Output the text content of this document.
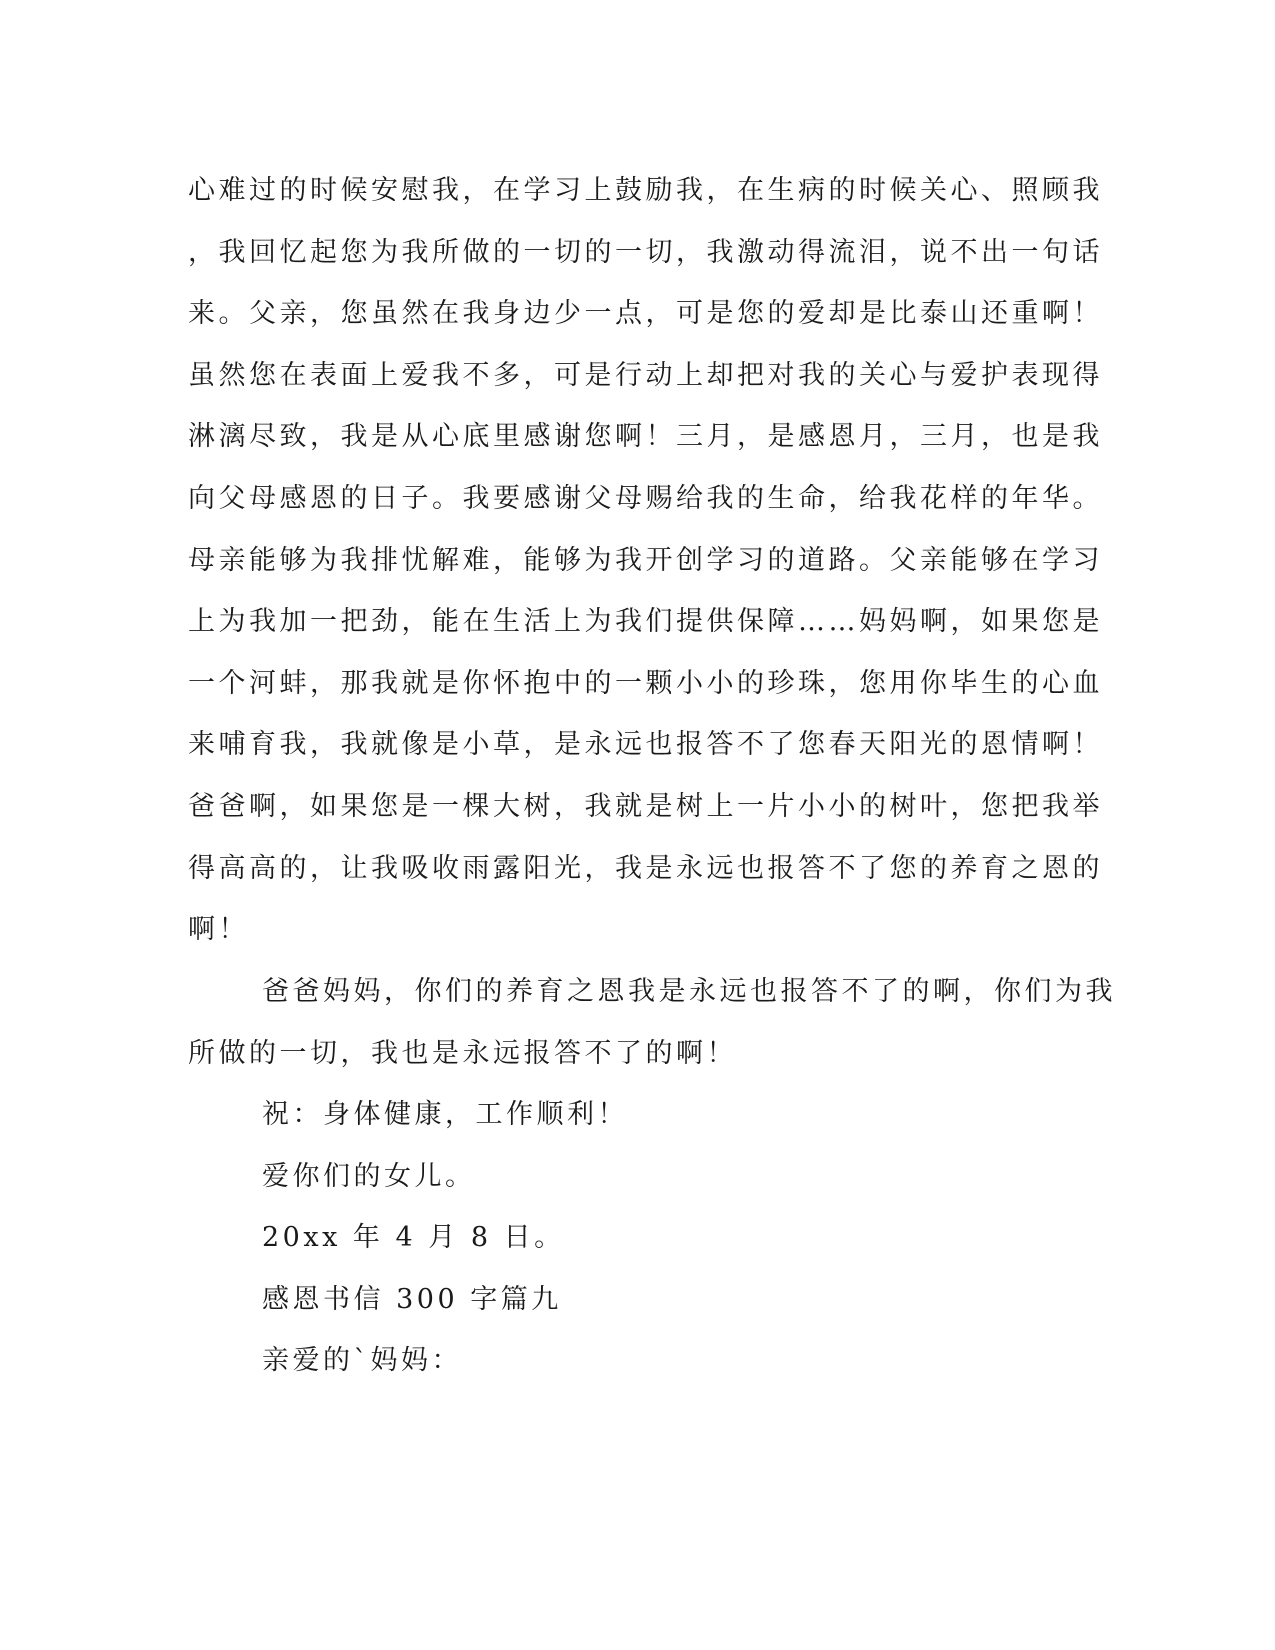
心难过的时候安慰我，在学习上鼓励我，在生病的时候关心、照顾我
，我回忆起您为我所做的一切的一切，我激动得流泪，说不出一句话
来。父亲，您虽然在我身边少一点，可是您的爱却是比泰山还重啊！
虽然您在表面上爱我不多，可是行动上却把对我的关心与爱护表现得
淋漓尽致，我是从心底里感谢您啊！三月，是感恩月，三月，也是我
向父母感恩的日子。我要感谢父母赐给我的生命，给我花样的年华。
母亲能够为我排忧解难，能够为我开创学习的道路。父亲能够在学习
上为我加一把劲，能在生活上为我们提供保障……妈妈啊，如果您是
一个河蚌，那我就是你怀抱中的一颗小小的珍珠，您用你毕生的心血
来哺育我，我就像是小草，是永远也报答不了您春天阳光的恩情啊！
爸爸啊，如果您是一棵大树，我就是树上一片小小的树叶，您把我举
得高高的，让我吸收雨露阳光，我是永远也报答不了您的养育之恩的
啊！
爸爸妈妈，你们的养育之恩我是永远也报答不了的啊，你们为我
所做的一切，我也是永远报答不了的啊！
祝：身体健康，工作顺利！
爱你们的女儿。
20xx 年 4 月 8 日。
感恩书信 300 字篇九
亲爱的`妈妈：
